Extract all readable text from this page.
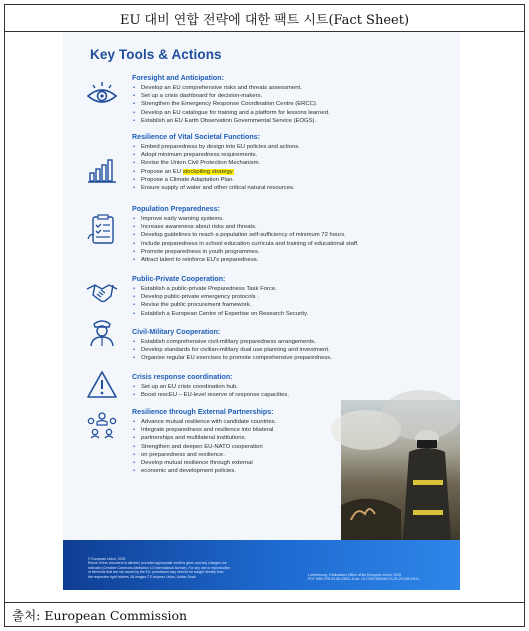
EU 대비 연합 전략에 대한 팩트 시트(Fact Sheet)
출처: European Commission
Key Tools & Actions
Foresight and Anticipation:
• Develop an EU comprehensive risks and threats assessment.
• Set up a crisis dashboard for decision-makers.
• Strengthen the Emergency Response Coordination Centre (ERCC).
• Develop an EU catalogue for training and a platform for lessons learned.
• Establish an EU Earth Observation Governmental Service (EOGS).
Resilience of Vital Societal Functions:
• Embed preparedness by design into EU policies and actions.
• Adopt minimum preparedness requirements.
• Revise the Union Civil Protection Mechanism.
• Propose an EU stockpiling strategy.
• Propose a Climate Adaptation Plan.
• Ensure supply of water and other critical natural resources.
Population Preparedness:
• Improve early warning systems.
• Increase awareness about risks and threats.
• Develop guidelines to reach a population self-sufficiency of minimum 72 hours.
• Include preparedness in school education curricula and training of educational staff.
• Promote preparedness in youth programmes.
• Attract talent to reinforce EU's preparedness.
Public-Private Cooperation:
• Establish a public-private Preparedness Task Force.
• Develop public-private emergency protocols .
• Revise the public procurement framework.
• Establish a European Centre of Expertise on Research Security.
Civil-Military Cooperation:
• Establish comprehensive civil-military preparedness arrangements.
• Develop standards for civilian-military dual use planning and investment.
• Organise regular EU exercises to promote comprehensive preparedness.
Crisis response coordination:
• Set up an EU crisis coordination hub.
• Boost rescEU – EU-level reserve of response capacities.
Resilience through External Partnerships:
• Advance mutual resilience with candidate countries.
• Integrate preparedness and resilience into bilateral
• partnerships and multilateral institutions.
• Strengthen and deepen EU-NATO cooperation
• on preparedness and resilience.
• Develop mutual resilience through external
• economic and development policies.
© European Union, 2025
Reuse of this document is allowed, provided appropriate credit is given and any changes are
indicated (Creative Commons Attribution 4.0 International license). For any use or reproduction
of elements that are not owned by the EU, permission may need to be sought directly from
the respective right holders. All images © European Union, Adobe Stock	Luxembourg: Publications Office of the European Union, 2025
PDF ISBN 978-92-68-23821-6 doi: 10.2792/7800446 KA-01-25-038-EN-N
